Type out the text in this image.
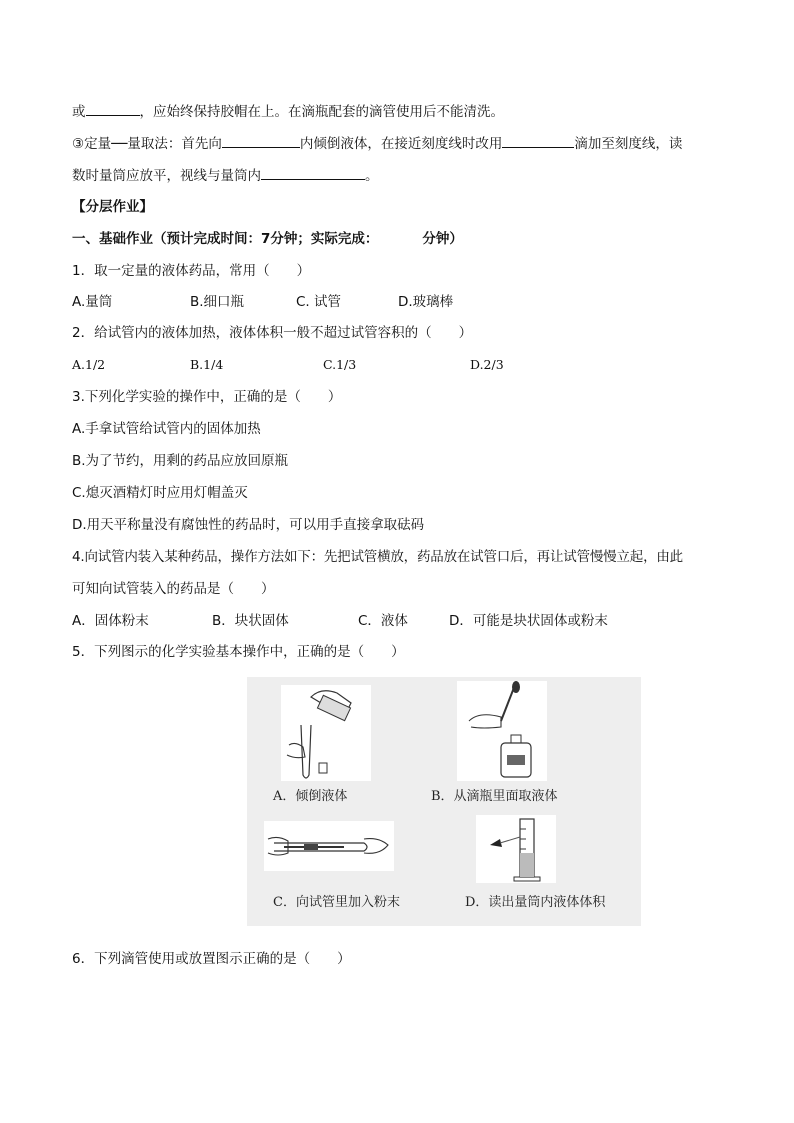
或	，应始终保持胶帽在上。在滴瓶配套的滴管使用后不能清洗。
③定量──量取法：首先向	内倾倒液体，在接近刻度线时改用	滴加至刻度线，读
数时量筒应放平，视线与量筒内	。
【分层作业】
一、基础作业（预计完成时间：7分钟；实际完成：	分钟）
1．取一定量的液体药品，常用（　　）
A.量筒	B.细口瓶	C. 试管	D.玻璃棒
2．给试管内的液体加热，液体体积一般不超过试管容积的（　　）
A.1/2	B.1/4	C.1/3	D.2/3
3.下列化学实验的操作中，正确的是（　　）
A.手拿试管给试管内的固体加热
B.为了节约，用剩的药品应放回原瓶
C.熄灭酒精灯时应用灯帽盖灭
D.用天平称量没有腐蚀性的药品时，可以用手直接拿取砝码
4.向试管内装入某种药品，操作方法如下：先把试管横放，药品放在试管口后，再让试管慢慢立起，由此
可知向试管装入的药品是（　　）
A．固体粉末	B．块状固体	C．液体	D．可能是块状固体或粉末
5．下列图示的化学实验基本操作中，正确的是（　　）
A．倾倒液体	B．从滴瓶里面取液体
C．向试管里加入粉末	D．读出量筒内液体体积
6．下列滴管使用或放置图示正确的是（　　）
